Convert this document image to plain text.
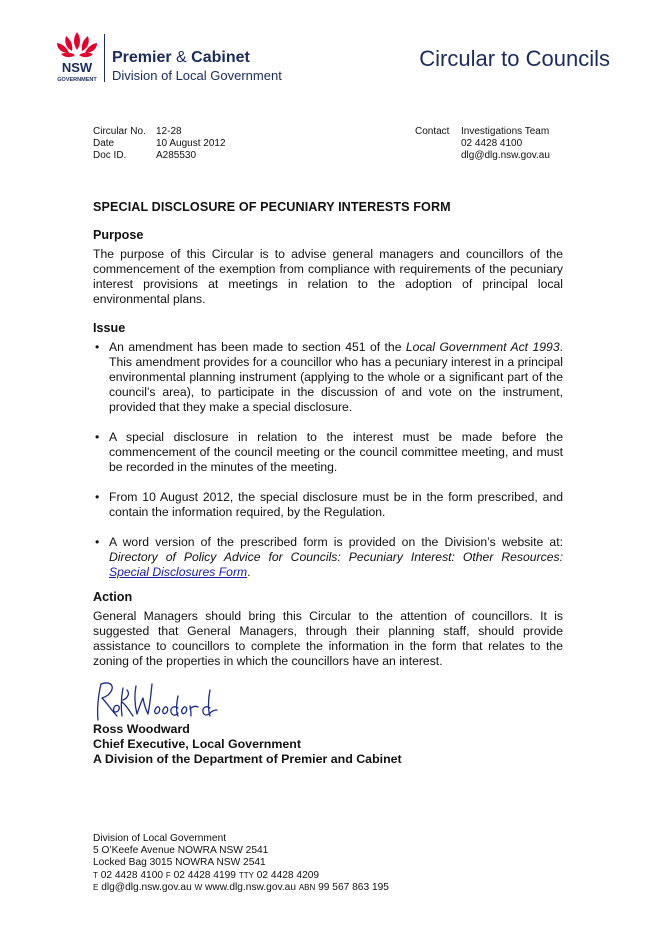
NSW
GOVERNMENT
Premier & Cabinet
Division of Local Government
Circular to Councils
Circular No.	12-28
Date	10 August 2012
Doc ID.	A285530
Contact	Investigations Team
02 4428 4100
dlg@dlg.nsw.gov.au
SPECIAL DISCLOSURE OF PECUNIARY INTERESTS FORM
Purpose

The purpose of this Circular is to advise general managers and councillors of the commencement of the exemption from compliance with requirements of the pecuniary interest provisions at meetings in relation to the adoption of principal local environmental plans.

Issue
• An amendment has been made to section 451 of the Local Government Act 1993. This amendment provides for a councillor who has a pecuniary interest in a principal environmental planning instrument (applying to the whole or a significant part of the council’s area), to participate in the discussion of and vote on the instrument, provided that they make a special disclosure.
• A special disclosure in relation to the interest must be made before the commencement of the council meeting or the council committee meeting, and must be recorded in the minutes of the meeting.
• From 10 August 2012, the special disclosure must be in the form prescribed, and contain the information required, by the Regulation.
• A word version of the prescribed form is provided on the Division’s website at: Directory of Policy Advice for Councils: Pecuniary Interest: Other Resources: Special Disclosures Form.
Action

General Managers should bring this Circular to the attention of councillors. It is suggested that General Managers, through their planning staff, should provide assistance to councillors to complete the information in the form that relates to the zoning of the properties in which the councillors have an interest.

Ross Woodward
Chief Executive, Local Government
A Division of the Department of Premier and Cabinet
Division of Local Government
5 O’Keefe Avenue NOWRA NSW 2541
Locked Bag 3015 NOWRA NSW 2541
T 02 4428 4100 F 02 4428 4199 TTY 02 4428 4209
E dlg@dlg.nsw.gov.au W www.dlg.nsw.gov.au ABN 99 567 863 195
